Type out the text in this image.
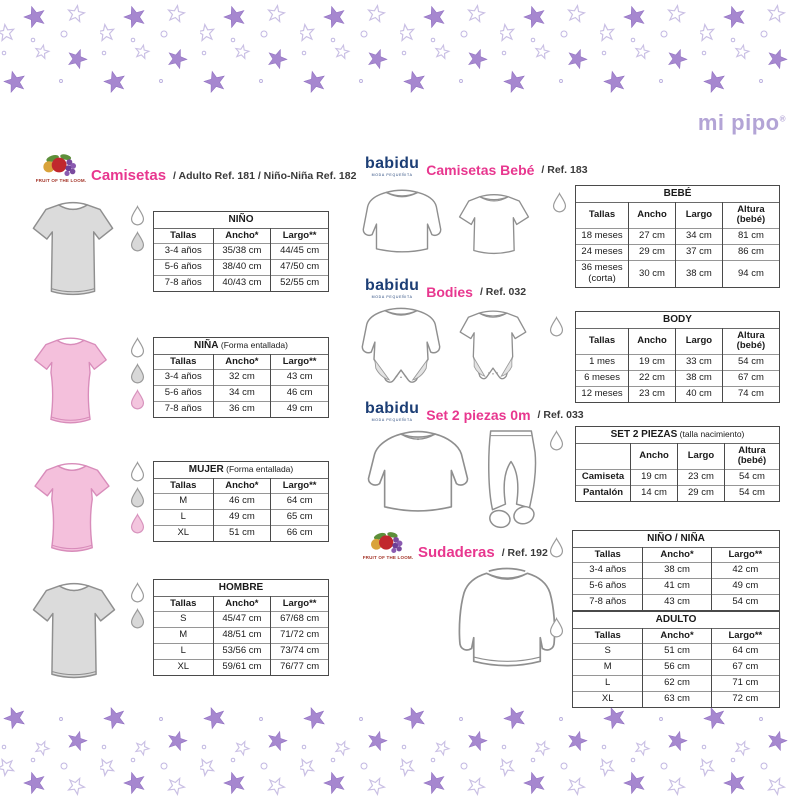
mi pipo®
FRUIT OF THE LOOM. Camisetas / Adulto Ref. 181 / Niño-Niña Ref. 182
NIÑO		
Tallas	Ancho*	Largo**
3-4 años	35/38 cm	44/45 cm
5-6 años	38/40 cm	47/50 cm
7-8 años	40/43 cm	52/55 cm
NIÑA (Forma entallada)		
Tallas	Ancho*	Largo**
3-4 años	32 cm	43 cm
5-6 años	34 cm	46 cm
7-8 años	36 cm	49 cm
MUJER (Forma entallada)		
Tallas	Ancho*	Largo**
M	46 cm	64 cm
L	49 cm	65 cm
XL	51 cm	66 cm
HOMBRE		
Tallas	Ancho*	Largo**
S	45/47 cm	67/68 cm
M	48/51 cm	71/72 cm
L	53/56 cm	73/74 cm
XL	59/61 cm	76/77 cm
babidu
MODA PEQUEÑITA Camisetas Bebé / Ref. 183
babidu
MODA PEQUEÑITA Bodies / Ref. 032
babidu
MODA PEQUEÑITA Set 2 piezas 0m / Ref. 033
FRUIT OF THE LOOM. Sudaderas / Ref. 192
BEBÉ			
Tallas	Ancho	Largo	Altura (bebé)
18 meses	27 cm	34 cm	81 cm
24 meses	29 cm	37 cm	86 cm
36 meses (corta)	30 cm	38 cm	94 cm
BODY			
Tallas	Ancho	Largo	Altura (bebé)
1 mes	19 cm	33 cm	54 cm
6 meses	22 cm	38 cm	67 cm
12 meses	23 cm	40 cm	74 cm
SET 2 PIEZAS (talla nacimiento)			
	Ancho	Largo	Altura (bebé)
Camiseta	19 cm	23 cm	54 cm
Pantalón	14 cm	29 cm	54 cm
NIÑO / NIÑA		
Tallas	Ancho*	Largo**
3-4 años	38 cm	42 cm
5-6 años	41 cm	49 cm
7-8 años	43 cm	54 cm
ADULTO		
Tallas	Ancho*	Largo**
S	51 cm	64 cm
M	56 cm	67 cm
L	62 cm	71 cm
XL	63 cm	72 cm
